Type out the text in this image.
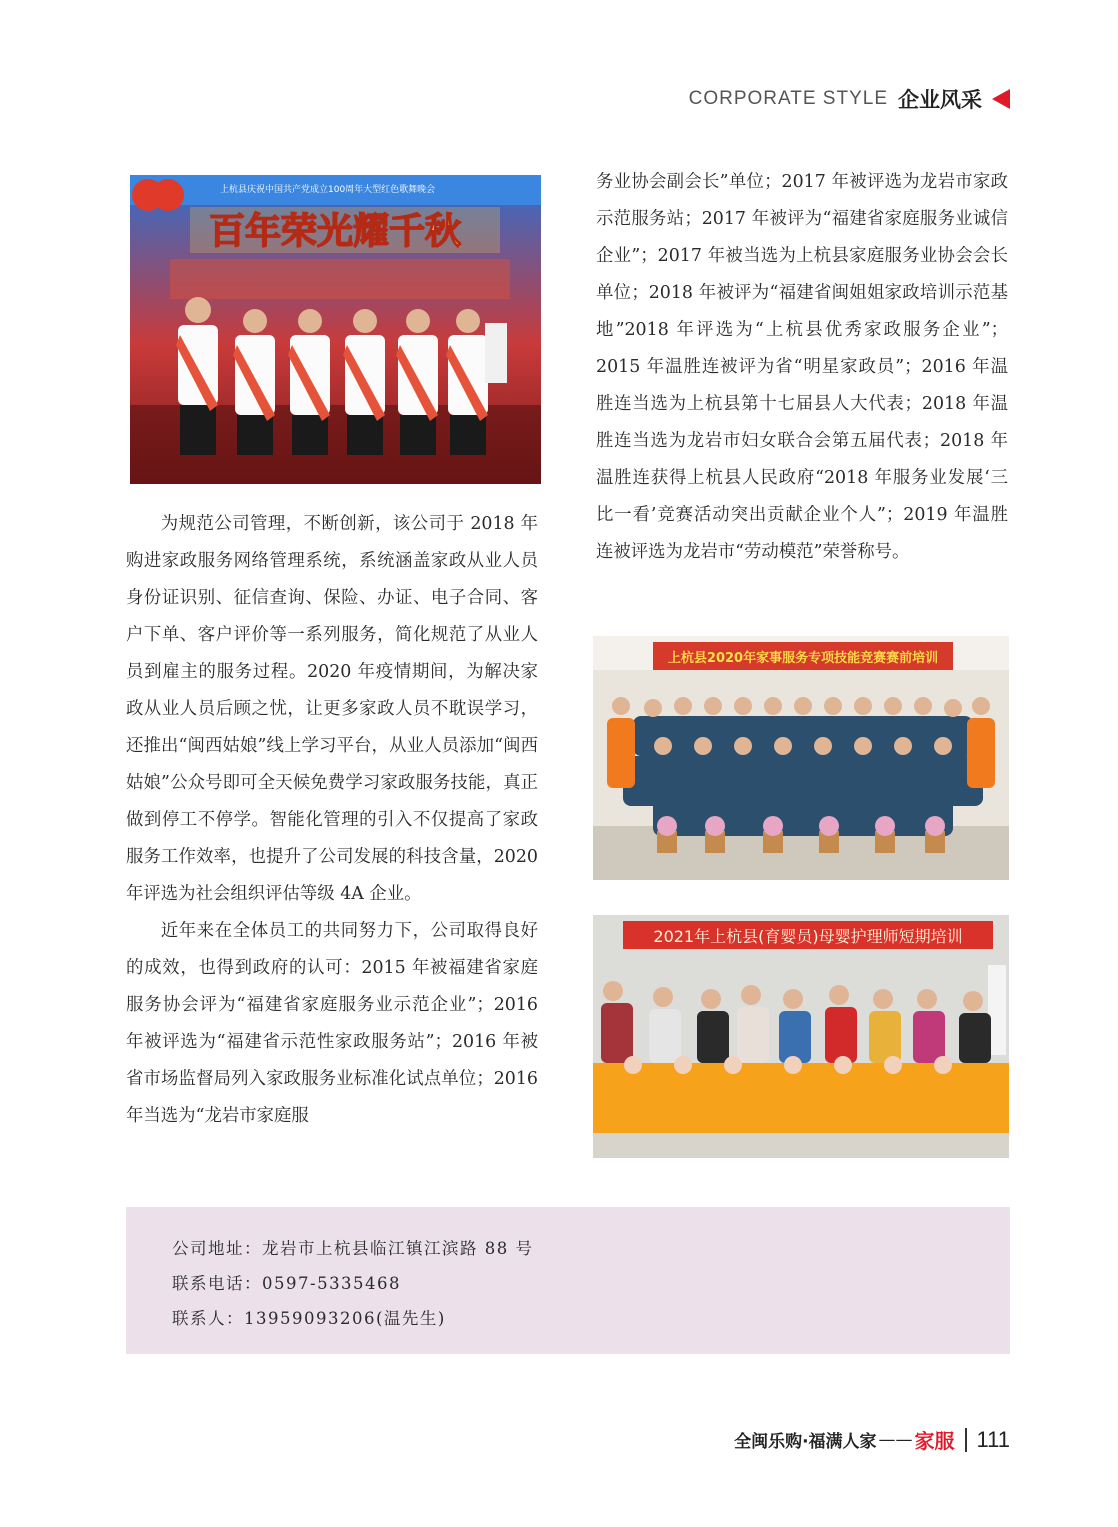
CORPORATE STYLE 企业风采
上杭县庆祝中国共产党成立100周年大型红色歌舞晚会
百年荣光耀千秋

为规范公司管理，不断创新，该公司于 2018 年购进家政服务网络管理系统，系统涵盖家政从业人员身份证识别、征信查询、保险、办证、电子合同、客户下单、客户评价等一系列服务，简化规范了从业人员到雇主的服务过程。2020 年疫情期间，为解决家政从业人员后顾之忧，让更多家政人员不耽误学习，还推出“闽西姑娘”线上学习平台，从业人员添加“闽西姑娘”公众号即可全天候免费学习家政服务技能，真正做到停工不停学。智能化管理的引入不仅提高了家政服务工作效率，也提升了公司发展的科技含量，2020 年评选为社会组织评估等级 4A 企业。

近年来在全体员工的共同努力下，公司取得良好的成效，也得到政府的认可：2015 年被福建省家庭服务协会评为“福建省家庭服务业示范企业”；2016 年被评选为“福建省示范性家政服务站”；2016 年被省市场监督局列入家政服务业标准化试点单位；2016 年当选为“龙岩市家庭服

务业协会副会长”单位；2017 年被评选为龙岩市家政示范服务站；2017 年被评为“福建省家庭服务业诚信企业”；2017 年被当选为上杭县家庭服务业协会会长单位；2018 年被评为“福建省闽姐姐家政培训示范基地”2018 年评选为“上杭县优秀家政服务企业”；2015 年温胜连被评为省“明星家政员”；2016 年温胜连当选为上杭县第十七届县人大代表；2018 年温胜连当选为龙岩市妇女联合会第五届代表；2018 年温胜连获得上杭县人民政府“2018 年服务业发展‘三比一看’竞赛活动突出贡献企业个人”；2019 年温胜连被评选为龙岩市“劳动模范”荣誉称号。

上杭县2020年家事服务专项技能竞赛赛前培训
2021年上杭县(育婴员)母婴护理师短期培训
公司地址：龙岩市上杭县临江镇江滨路 88 号
联系电话：0597-5335468
联系人：13959093206(温先生)
全闽乐购·福满人家 —— 家服 111
